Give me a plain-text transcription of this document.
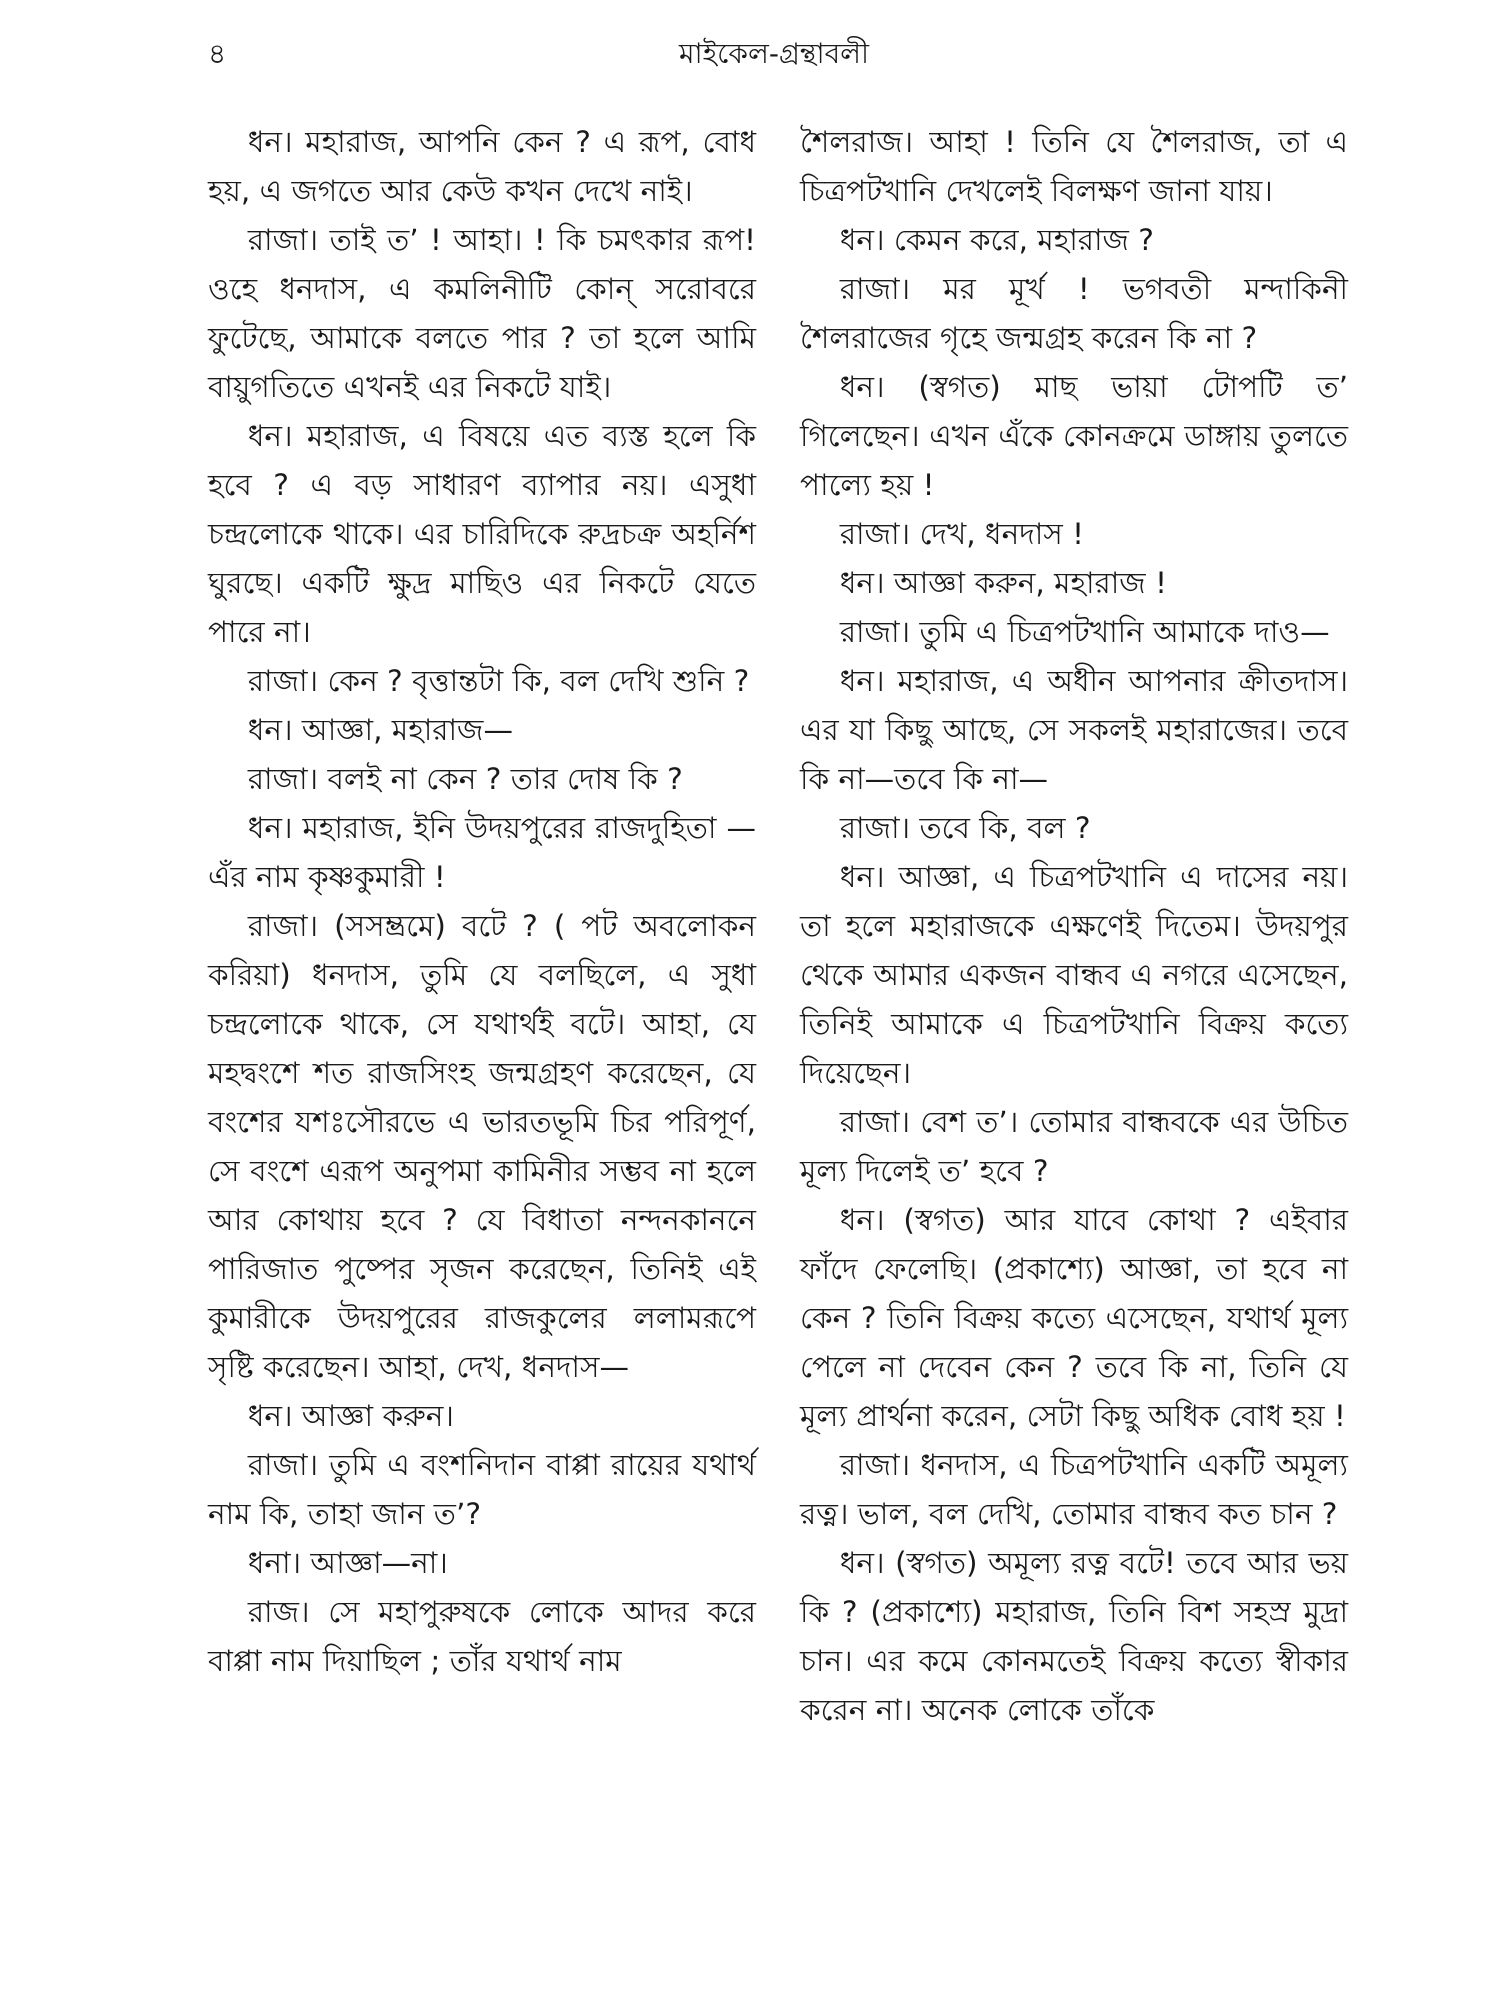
৪	মাইকেল-গ্রন্থাবলী

ধন। মহারাজ, আপনি কেন ? এ রূপ, বোধ হয়, এ জগতে আর কেউ কখন দেখে নাই।

রাজা। তাই ত’ ! আহা। ! কি চমৎকার রূপ! ওহে ধনদাস, এ কমলিনীটি কোন্ সরোবরে ফুটেছে, আমাকে বলতে পার ? তা হলে আমি বায়ুগতিতে এখনই এর নিকটে যাই।

ধন। মহারাজ, এ বিষয়ে এত ব্যস্ত হলে কি হবে ? এ বড় সাধারণ ব্যাপার নয়। এসুধা চন্দ্রলোকে থাকে। এর চারিদিকে রুদ্রচক্র অহর্নিশ ঘুরছে। একটি ক্ষুদ্র মাছিও এর নিকটে যেতে পারে না।

রাজা। কেন ? বৃত্তান্তটা কি, বল দেখি শুনি ?

ধন। আজ্ঞা, মহারাজ—

রাজা। বলই না কেন ? তার দোষ কি ?

ধন। মহারাজ, ইনি উদয়পুরের রাজদুহিতা —এঁর নাম কৃষ্ণকুমারী !

রাজা। (সসম্ভ্রমে) বটে ? ( পট অবলোকন করিয়া) ধনদাস, তুমি যে বলছিলে, এ সুধা চন্দ্রলোকে থাকে, সে যথার্থই বটে। আহা, যে মহদ্বংশে শত রাজসিংহ জন্মগ্রহণ করেছেন, যে বংশের যশঃসৌরভে এ ভারতভূমি চির পরিপূর্ণ, সে বংশে এরূপ অনুপমা কামিনীর সম্ভব না হলে আর কোথায় হবে ? যে বিধাতা নন্দনকাননে পারিজাত পুষ্পের সৃজন করেছেন, তিনিই এই কুমারীকে উদয়পুরের রাজকুলের ললামরূপে সৃষ্টি করেছেন। আহা, দেখ, ধনদাস—

ধন। আজ্ঞা করুন।

রাজা। তুমি এ বংশনিদান বাপ্পা রায়ের যথার্থ নাম কি, তাহা জান ত’?

ধনা। আজ্ঞা—না।

রাজ। সে মহাপুরুষকে লোকে আদর করে বাপ্পা নাম দিয়াছিল ; তাঁর যথার্থ নাম

শৈলরাজ। আহা ! তিনি যে শৈলরাজ, তা এ চিত্রপটখানি দেখলেই বিলক্ষণ জানা যায়।

ধন। কেমন করে, মহারাজ ?

রাজা। মর মূর্খ ! ভগবতী মন্দাকিনী শৈলরাজের গৃহে জন্মগ্রহ করেন কি না ?

ধন। (স্বগত) মাছ ভায়া টোপটি ত’ গিলেছেন। এখন এঁকে কোনক্রমে ডাঙ্গায় তুলতে পাল্যে হয় !

রাজা। দেখ, ধনদাস !

ধন। আজ্ঞা করুন, মহারাজ !

রাজা। তুমি এ চিত্রপটখানি আমাকে দাও—

ধন। মহারাজ, এ অধীন আপনার ক্রীতদাস। এর যা কিছু আছে, সে সকলই মহারাজের। তবে কি না—তবে কি না—

রাজা। তবে কি, বল ?

ধন। আজ্ঞা, এ চিত্রপটখানি এ দাসের নয়। তা হলে মহারাজকে এক্ষণেই দিতেম। উদয়পুর থেকে আমার একজন বান্ধব এ নগরে এসেছেন, তিনিই আমাকে এ চিত্রপটখানি বিক্রয় কত্যে দিয়েছেন।

রাজা। বেশ ত’। তোমার বান্ধবকে এর উচিত মূল্য দিলেই ত’ হবে ?

ধন। (স্বগত) আর যাবে কোথা ? এইবার ফাঁদে ফেলেছি। (প্রকাশ্যে) আজ্ঞা, তা হবে না কেন ? তিনি বিক্রয় কত্যে এসেছেন, যথার্থ মূল্য পেলে না দেবেন কেন ? তবে কি না, তিনি যে মূল্য প্রার্থনা করেন, সেটা কিছু অধিক বোধ হয় !

রাজা। ধনদাস, এ চিত্রপটখানি একটি অমূল্য রত্ন। ভাল, বল দেখি, তোমার বান্ধব কত চান ?

ধন। (স্বগত) অমূল্য রত্ন বটে! তবে আর ভয় কি ? (প্রকাশ্যে) মহারাজ, তিনি বিশ সহস্র মুদ্রা চান। এর কমে কোনমতেই বিক্রয় কত্যে স্বীকার করেন না। অনেক লোকে তাঁকে
